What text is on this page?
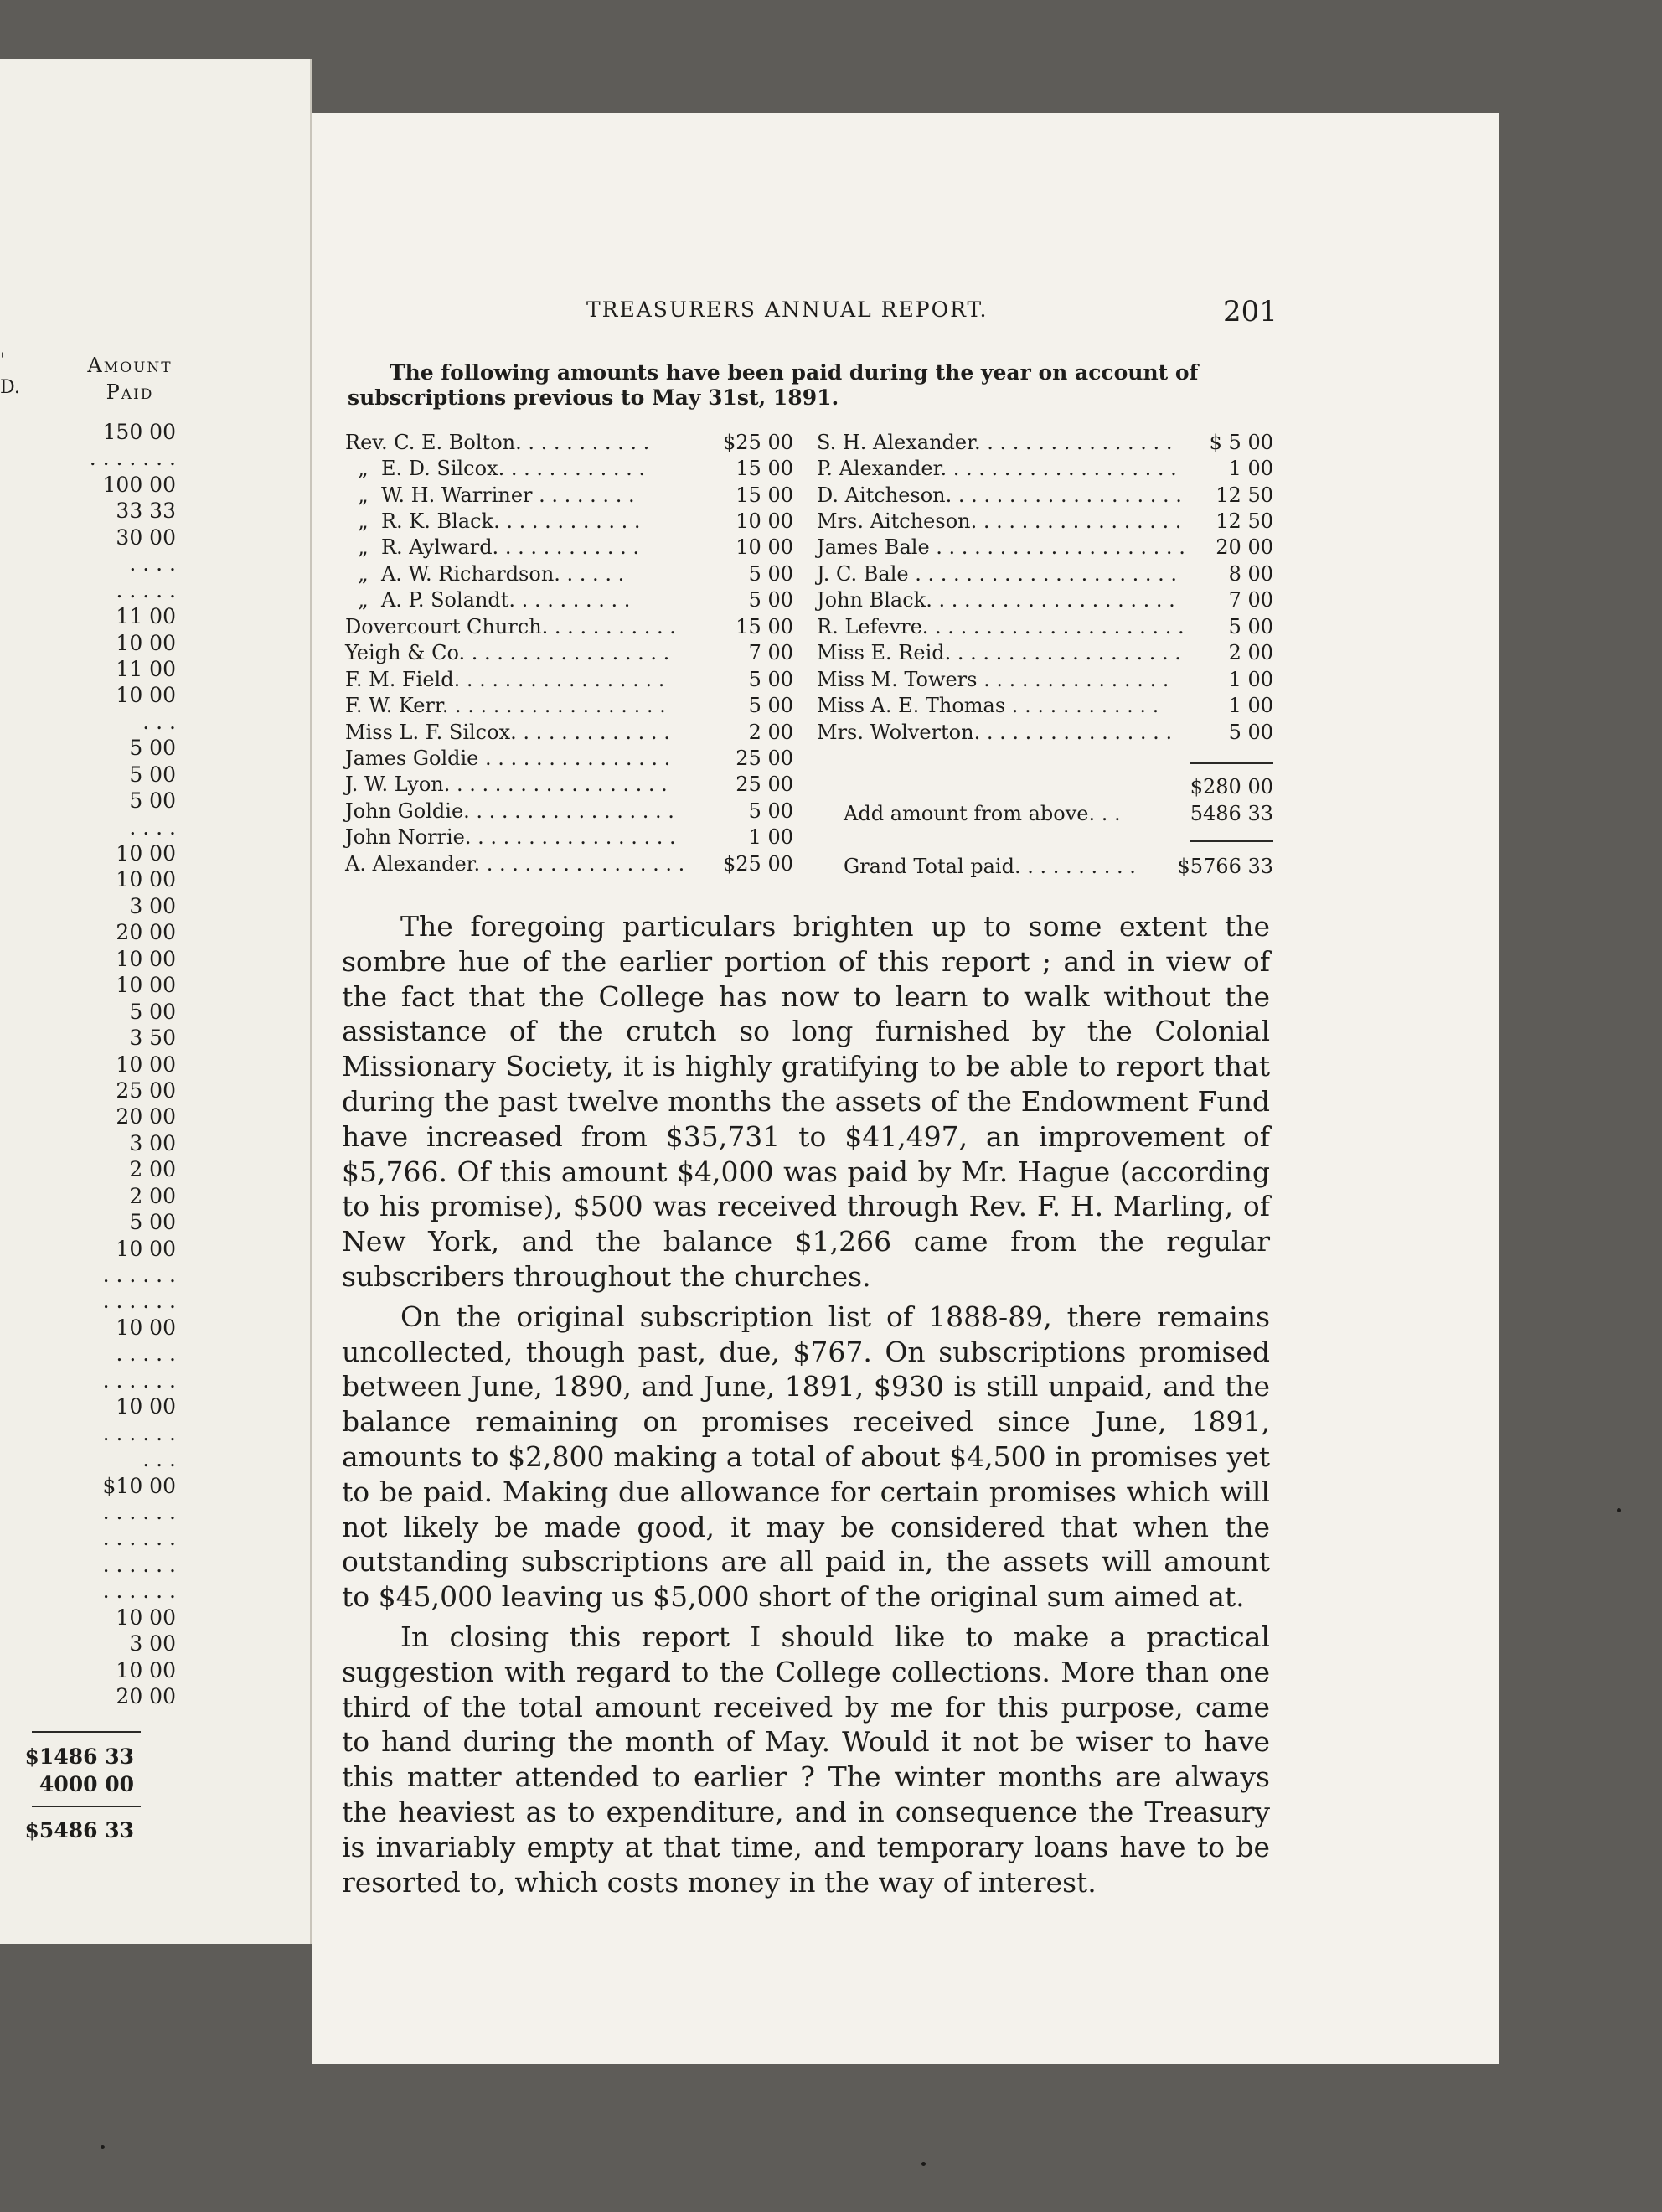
'
D.
Amount
Paid
150 00
. . . . . . .
100 00
33 33
30 00
. . . .
. . . . .
11 00
10 00
11 00
10 00
. . .
5 00
5 00
5 00
. . . .
10 00
10 00
3 00
20 00
10 00
10 00
5 00
3 50
10 00
25 00
20 00
3 00
2 00
2 00
5 00
10 00
. . . . . .
. . . . . .
10 00
. . . . .
. . . . . .
10 00
. . . . . .
. . .
$10 00
. . . . . .
. . . . . .
. . . . . .
. . . . . .
10 00
3 00
10 00
20 00
$1486 33
4000 00
$5486 33
TREASURERS ANNUAL REPORT.	201
The following amounts have been paid during the year on account of subscriptions previous to May 31st, 1891.
Rev. C. E. Bolton. . . . . . . . . . .	$25 00
„  E. D. Silcox. . . . . . . . . . . .	15 00
„  W. H. Warriner . . . . . . . .	15 00
„  R. K. Black. . . . . . . . . . . .	10 00
„  R. Aylward. . . . . . . . . . . .	10 00
„  A. W. Richardson. . . . . .	5 00
„  A. P. Solandt. . . . . . . . . .	5 00
Dovercourt Church. . . . . . . . . . .	15 00
Yeigh & Co. . . . . . . . . . . . . . . . .	7 00
F. M. Field. . . . . . . . . . . . . . . . .	5 00
F. W. Kerr. . . . . . . . . . . . . . . . . .	5 00
Miss L. F. Silcox. . . . . . . . . . . . .	2 00
James Goldie . . . . . . . . . . . . . . .	25 00
J. W. Lyon. . . . . . . . . . . . . . . . . .	25 00
John Goldie. . . . . . . . . . . . . . . . .	5 00
John Norrie. . . . . . . . . . . . . . . . .	1 00
A. Alexander. . . . . . . . . . . . . . . . .	$25 00
S. H. Alexander. . . . . . . . . . . . . . . .	$ 5 00
P. Alexander. . . . . . . . . . . . . . . . . . .	1 00
D. Aitcheson. . . . . . . . . . . . . . . . . . .	12 50
Mrs. Aitcheson. . . . . . . . . . . . . . . . .	12 50
James Bale . . . . . . . . . . . . . . . . . . . .	20 00
J. C. Bale . . . . . . . . . . . . . . . . . . . . .	8 00
John Black. . . . . . . . . . . . . . . . . . . .	7 00
R. Lefevre. . . . . . . . . . . . . . . . . . . . .	5 00
Miss E. Reid. . . . . . . . . . . . . . . . . . .	2 00
Miss M. Towers . . . . . . . . . . . . . . .	1 00
Miss A. E. Thomas . . . . . . . . . . . .	1 00
Mrs. Wolverton. . . . . . . . . . . . . . . .	5 00
$280 00
Add amount from above. . .	5486 33
Grand Total paid. . . . . . . . . .	$5766 33

The foregoing particulars brighten up to some extent the sombre hue of the earlier portion of this report ; and in view of the fact that the College has now to learn to walk without the assistance of the crutch so long furnished by the Colonial Missionary Society, it is highly gratifying to be able to report that during the past twelve months the assets of the Endowment Fund have increased from $35,731 to $41,497, an improvement of $5,766. Of this amount $4,000 was paid by Mr. Hague (according to his promise), $500 was received through Rev. F. H. Marling, of New York, and the balance $1,266 came from the regular subscribers throughout the churches.

On the original subscription list of 1888-89, there remains uncollected, though past, due, $767. On subscriptions promised between June, 1890, and June, 1891, $930 is still unpaid, and the balance remaining on promises received since June, 1891, amounts to $2,800 making a total of about $4,500 in promises yet to be paid. Making due allowance for certain promises which will not likely be made good, it may be considered that when the outstanding subscriptions are all paid in, the assets will amount to $45,000 leaving us $5,000 short of the original sum aimed at.

In closing this report I should like to make a practical suggestion with regard to the College collections. More than one third of the total amount received by me for this purpose, came to hand during the month of May. Would it not be wiser to have this matter attended to earlier ? The winter months are always the heaviest as to expenditure, and in consequence the Treasury is invariably empty at that time, and temporary loans have to be resorted to, which costs money in the way of interest.
